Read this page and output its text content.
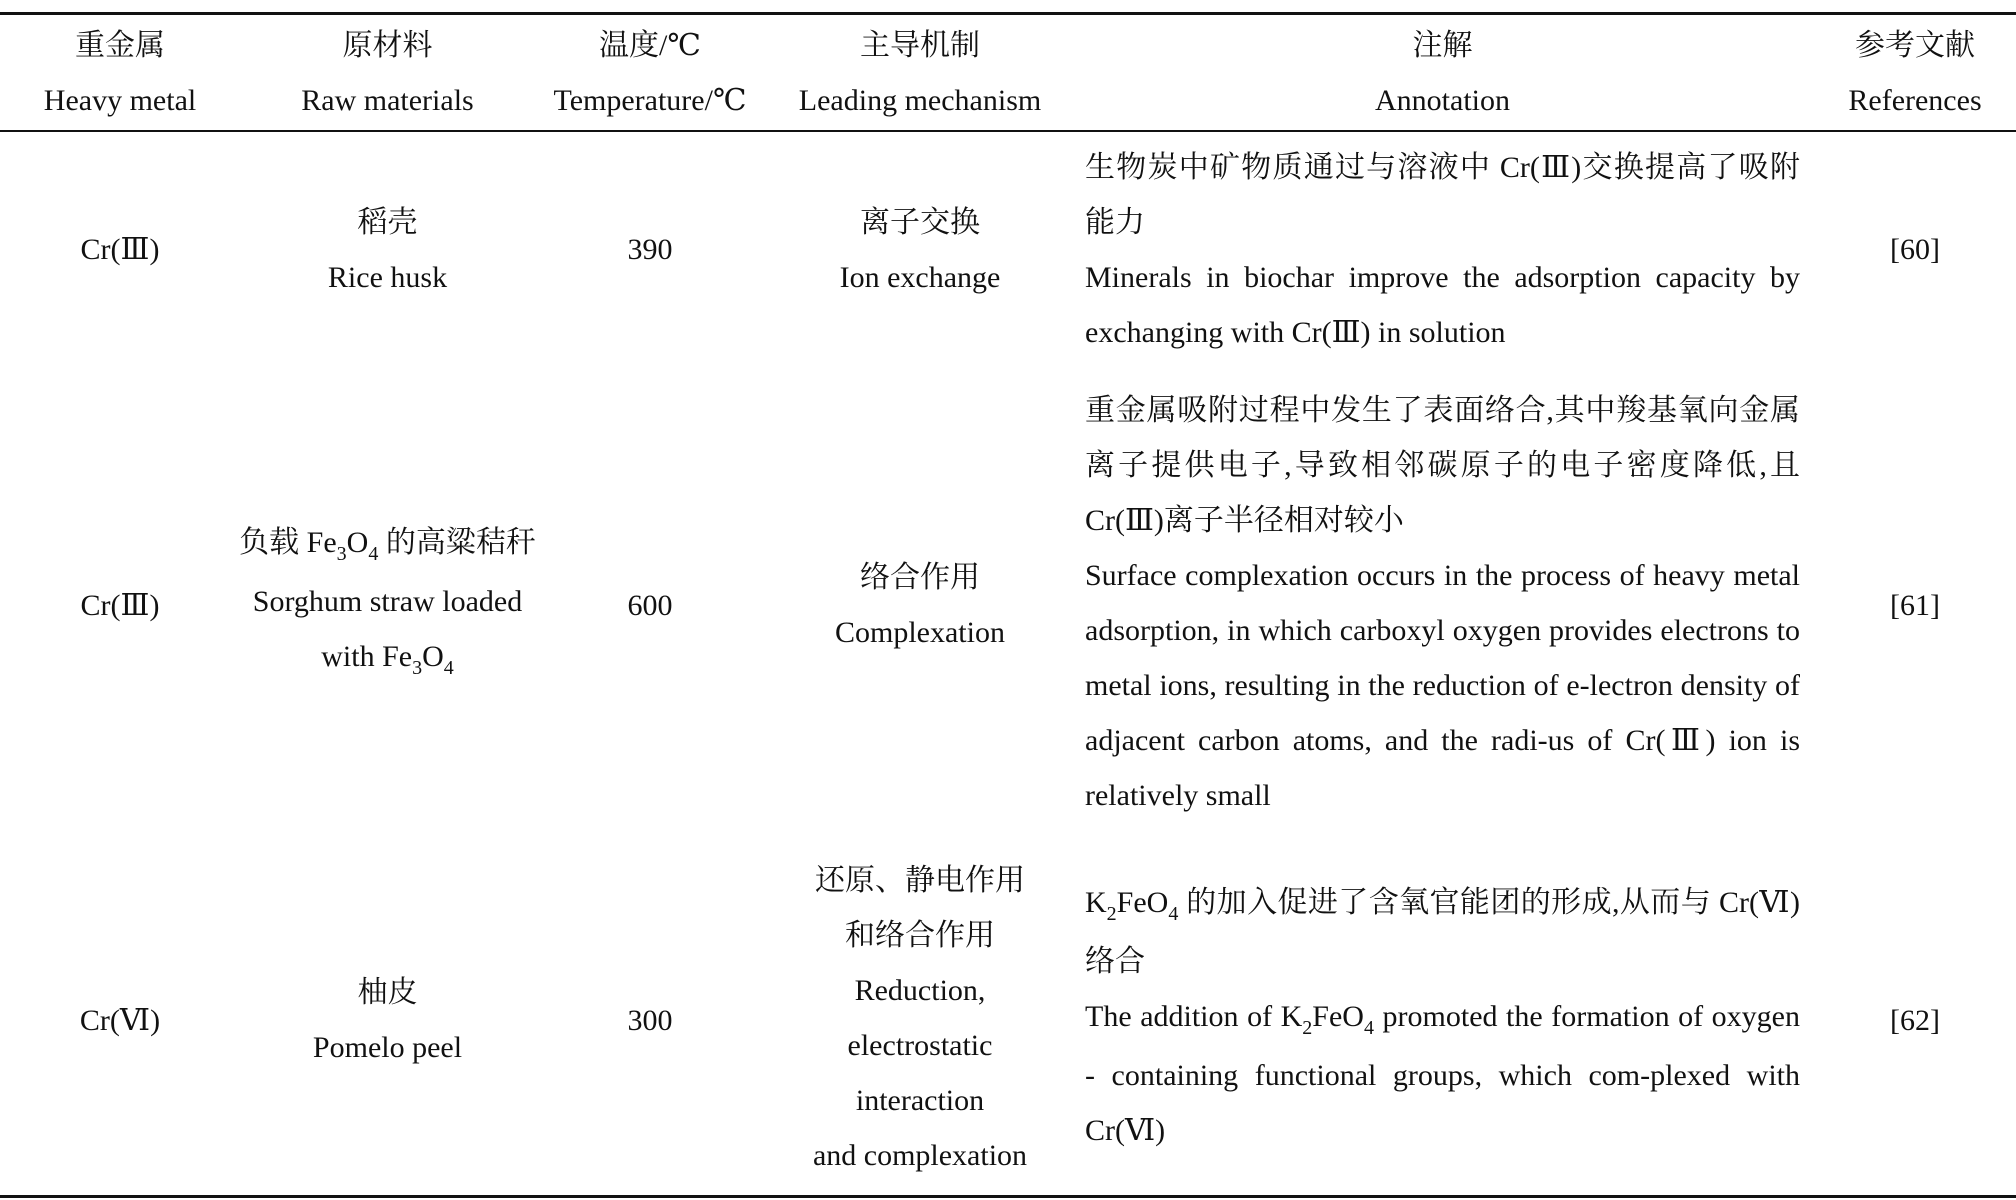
重金属
Heavy metal
原材料
Raw materials
温度/℃
Temperature/℃
主导机制
Leading mechanism
注解
Annotation
参考文献
References
Cr(Ⅲ)
稻壳
Rice husk
390
离子交换
Ion exchange
生物炭中矿物质通过与溶液中 Cr(Ⅲ)交换提高了吸附能力
Minerals in biochar improve the adsorption capacity by exchanging with Cr(Ⅲ) in solution
[60]
Cr(Ⅲ)
负载 $Fe_3O_4$ 的高粱秸秆
Sorghum straw loaded
with $Fe_3O_4$
600
络合作用
Complexation
重金属吸附过程中发生了表面络合,其中羧基氧向金属离子提供电子,导致相邻碳原子的电子密度降低,且 Cr(Ⅲ)离子半径相对较小
Surface complexation occurs in the process of heavy metal adsorption, in which carboxyl oxygen provides electrons to metal ions, resulting in the reduction of e-lectron density of adjacent carbon atoms, and the radi-us of Cr(Ⅲ) ion is relatively small
[61]
Cr(Ⅵ)
柚皮
Pomelo peel
300
还原、静电作用
和络合作用
Reduction,
electrostatic
interaction
and complexation
$K_2FeO_4$ 的加入促进了含氧官能团的形成,从而与 Cr(Ⅵ)络合
The addition of $K_2FeO_4$ promoted the formation of oxygen - containing functional groups, which com-plexed with Cr(Ⅵ)
[62]
